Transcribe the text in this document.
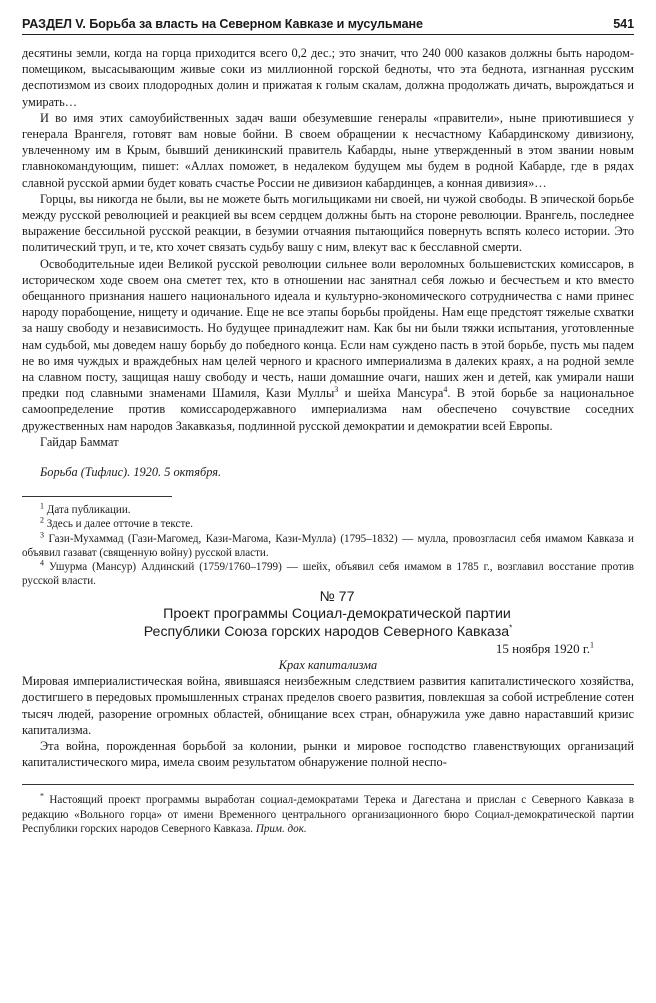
РАЗДЕЛ V. Борьба за власть на Северном Кавказе и мусульмане	541

десятины земли, когда на горца приходится всего 0,2 дес.; это значит, что 240 000 казаков должны быть народом-помещиком, высасывающим живые соки из миллионной горской бедноты, что эта беднота, изгнанная русским деспотизмом из своих плодородных долин и прижатая к голым скалам, должна продолжать дичать, вырождаться и умирать…

И во имя этих самоубийственных задач ваши обезумевшие генералы «правители», ныне приютившиеся у генерала Врангеля, готовят вам новые бойни. В своем обращении к несчастному Кабардинскому дивизиону, увлеченному им в Крым, бывший деникинский правитель Кабарды, ныне утвержденный в этом звании новым главнокомандующим, пишет: «Аллах поможет, в недалеком будущем мы будем в родной Кабарде, где в рядах славной русской армии будет ковать счастье России не дивизион кабардинцев, а конная дивизия»…

Горцы, вы никогда не были, вы не можете быть могильщиками ни своей, ни чужой свободы. В эпической борьбе между русской революцией и реакцией вы всем сердцем должны быть на стороне революции. Врангель, последнее выражение бессильной русской реакции, в безумии отчаяния пытающийся повернуть вспять колесо истории. Это политический труп, и те, кто хочет связать судьбу вашу с ним, влекут вас к бесславной смерти.

Освободительные идеи Великой русской революции сильнее воли вероломных большевистских комиссаров, в историческом ходе своем она сметет тех, кто в отношении нас занятнал себя ложью и бесчестьем и кто вместо обещанного признания нашего национального идеала и культурно-экономического сотрудничества с нами принес народу порабощение, нищету и одичание. Еще не все этапы борьбы пройдены. Нам еще предстоят тяжелые схватки за нашу свободу и независимость. Но будущее принадлежит нам. Как бы ни были тяжки испытания, уготовленные нам судьбой, мы доведем нашу борьбу до победного конца. Если нам суждено пасть в этой борьбе, пусть мы падем не во имя чуждых и враждебных нам целей черного и красного империализма в далеких краях, а на родной земле на славном посту, защищая нашу свободу и честь, наши домашние очаги, наших жен и детей, как умирали наши предки под славными знаменами Шамиля, Кази Муллы$^3$ и шейха Мансура$^4$. В этой борьбе за национальное самоопределение против комиссародержавного империализма нам обеспечено сочувствие соседних дружественных нам народов Закавказья, подлинной русской демократии и демократии всей Европы.

Гайдар Баммат

Борьба (Тифлис). 1920. 5 октября.

$^1$ Дата публикации.

$^2$ Здесь и далее отточие в тексте.

$^3$ Гази-Мухаммад (Гази-Магомед, Кази-Магома, Кази-Мулла) (1795–1832) — мулла, провозгласил себя имамом Кавказа и объявил газават (священную войну) русской власти.

$^4$ Ушурма (Мансур) Алдинский (1759/1760–1799) — шейх, объявил себя имамом в 1785 г., возглавил восстание против русской власти.

№ 77

Проект программы Социал-демократической партии
Республики Союза горских народов Северного Кавказа*

15 ноября 1920 г.$^1$

Крах капитализма

Мировая империалистическая война, явившаяся неизбежным следствием развития капиталистического хозяйства, достигшего в передовых промышленных странах пределов своего развития, повлекшая за собой истребление сотен тысяч людей, разорение огромных областей, обнищание всех стран, обнаружила уже давно нараставший кризис капитализма.

Эта война, порожденная борьбой за колонии, рынки и мировое господство главенствующих организаций капиталистического мира, имела своим результатом обнаружение полной неспо-

* Настоящий проект программы выработан социал-демократами Терека и Дагестана и прислан с Северного Кавказа в редакцию «Вольного горца» от имени Временного центрального организационного бюро Социал-демократической партии Республики горских народов Северного Кавказа. Прим. док.
